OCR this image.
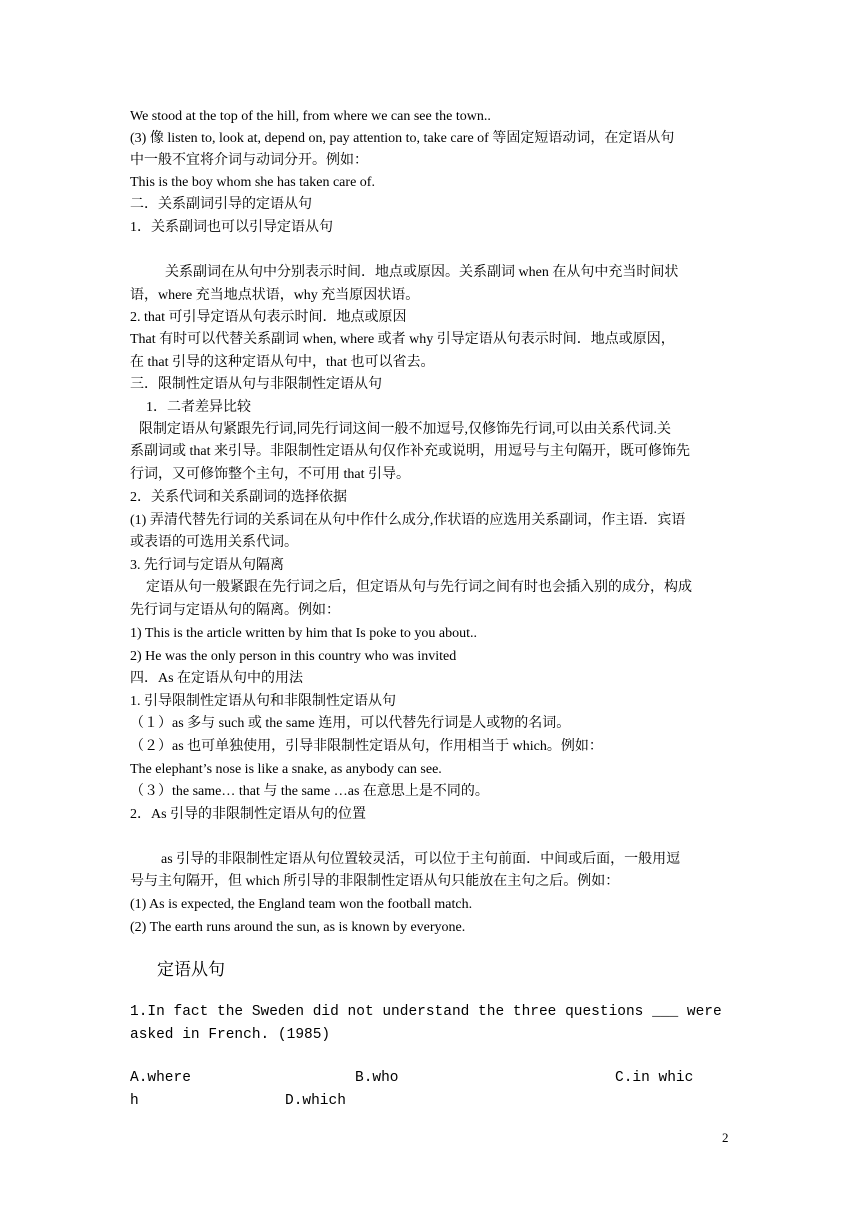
We stood at the top of the hill, from where we can see the town..
(3) 像 listen to, look at, depend on, pay attention to, take care of 等固定短语动词，在定语从句
中一般不宜将介词与动词分开。例如：
This is the boy whom she has taken care of.
二．关系副词引导的定语从句
1．关系副词也可以引导定语从句
关系副词在从句中分别表示时间．地点或原因。关系副词 when 在从句中充当时间状
语，where 充当地点状语，why 充当原因状语。
2. that 可引导定语从句表示时间．地点或原因
That 有时可以代替关系副词 when, where 或者 why 引导定语从句表示时间．地点或原因，
在 that 引导的这种定语从句中，that 也可以省去。
三．限制性定语从句与非限制性定语从句
1．二者差异比较
限制定语从句紧跟先行词,同先行词这间一般不加逗号,仅修饰先行词,可以由关系代词.关
系副词或 that 来引导。非限制性定语从句仅作补充或说明，用逗号与主句隔开，既可修饰先
行词，又可修饰整个主句，不可用 that 引导。
2．关系代词和关系副词的选择依据
(1) 弄清代替先行词的关系词在从句中作什么成分,作状语的应选用关系副词，作主语．宾语
或表语的可选用关系代词。
3. 先行词与定语从句隔离
定语从句一般紧跟在先行词之后，但定语从句与先行词之间有时也会插入别的成分，构成
先行词与定语从句的隔离。例如：
1) This is the article written by him that Is poke to you about..
2) He was the only person in this country who was invited
四．As 在定语从句中的用法
1. 引导限制性定语从句和非限制性定语从句
（１）as 多与 such 或 the same 连用，可以代替先行词是人或物的名词。
（２）as 也可单独使用，引导非限制性定语从句，作用相当于 which。例如：
The elephant’s nose is like a snake, as anybody can see.
（３）the same… that 与 the same …as 在意思上是不同的。
2．As 引导的非限制性定语从句的位置
as 引导的非限制性定语从句位置较灵活，可以位于主句前面．中间或后面，一般用逗
号与主句隔开，但 which 所引导的非限制性定语从句只能放在主句之后。例如：
(1) As is expected, the England team won the football match.
(2) The earth runs around the sun, as is known by everyone.
定语从句
1.In fact the Sweden did not understand the three questions ___ were
asked in French. (1985)
A.where	B.who	C.in whic
h	D.which
2
